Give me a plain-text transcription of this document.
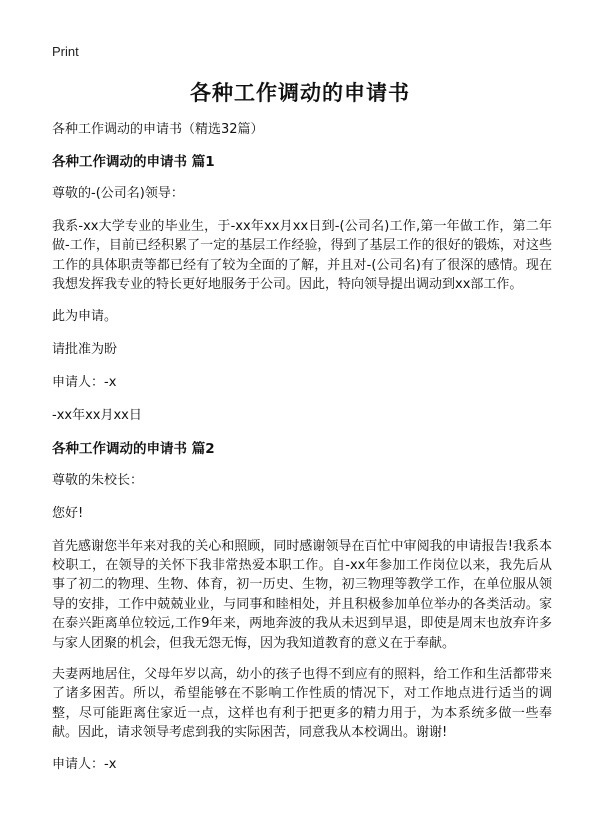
Print
各种工作调动的申请书

各种工作调动的申请书（精选32篇）

各种工作调动的申请书 篇1

尊敬的-(公司名)领导：

我系-xx大学专业的毕业生，于-xx年xx月xx日到-(公司名)工作,第一年做工作，第二年做-工作，目前已经积累了一定的基层工作经验，得到了基层工作的很好的锻炼，对这些工作的具体职责等都已经有了较为全面的了解，并且对-(公司名)有了很深的感情。现在我想发挥我专业的特长更好地服务于公司。因此，特向领导提出调动到xx部工作。

此为申请。

请批准为盼

申请人：-x

-xx年xx月xx日

各种工作调动的申请书 篇2

尊敬的朱校长：

您好!

首先感谢您半年来对我的关心和照顾，同时感谢领导在百忙中审阅我的申请报告!我系本校职工，在领导的关怀下我非常热爱本职工作。自-xx年参加工作岗位以来，我先后从事了初二的物理、生物、体育，初一历史、生物，初三物理等教学工作，在单位服从领导的安排，工作中兢兢业业，与同事和睦相处，并且积极参加单位举办的各类活动。家在泰兴距离单位较远,工作9年来，两地奔波的我从未迟到早退，即使是周末也放弃许多与家人团聚的机会，但我无怨无悔，因为我知道教育的意义在于奉献。

夫妻两地居住，父母年岁以高，幼小的孩子也得不到应有的照料，给工作和生活都带来了诸多困苦。所以，希望能够在不影响工作性质的情况下，对工作地点进行适当的调整，尽可能距离住家近一点，这样也有利于把更多的精力用于，为本系统多做一些奉献。因此，请求领导考虑到我的实际困苦，同意我从本校调出。谢谢!

申请人：-x
